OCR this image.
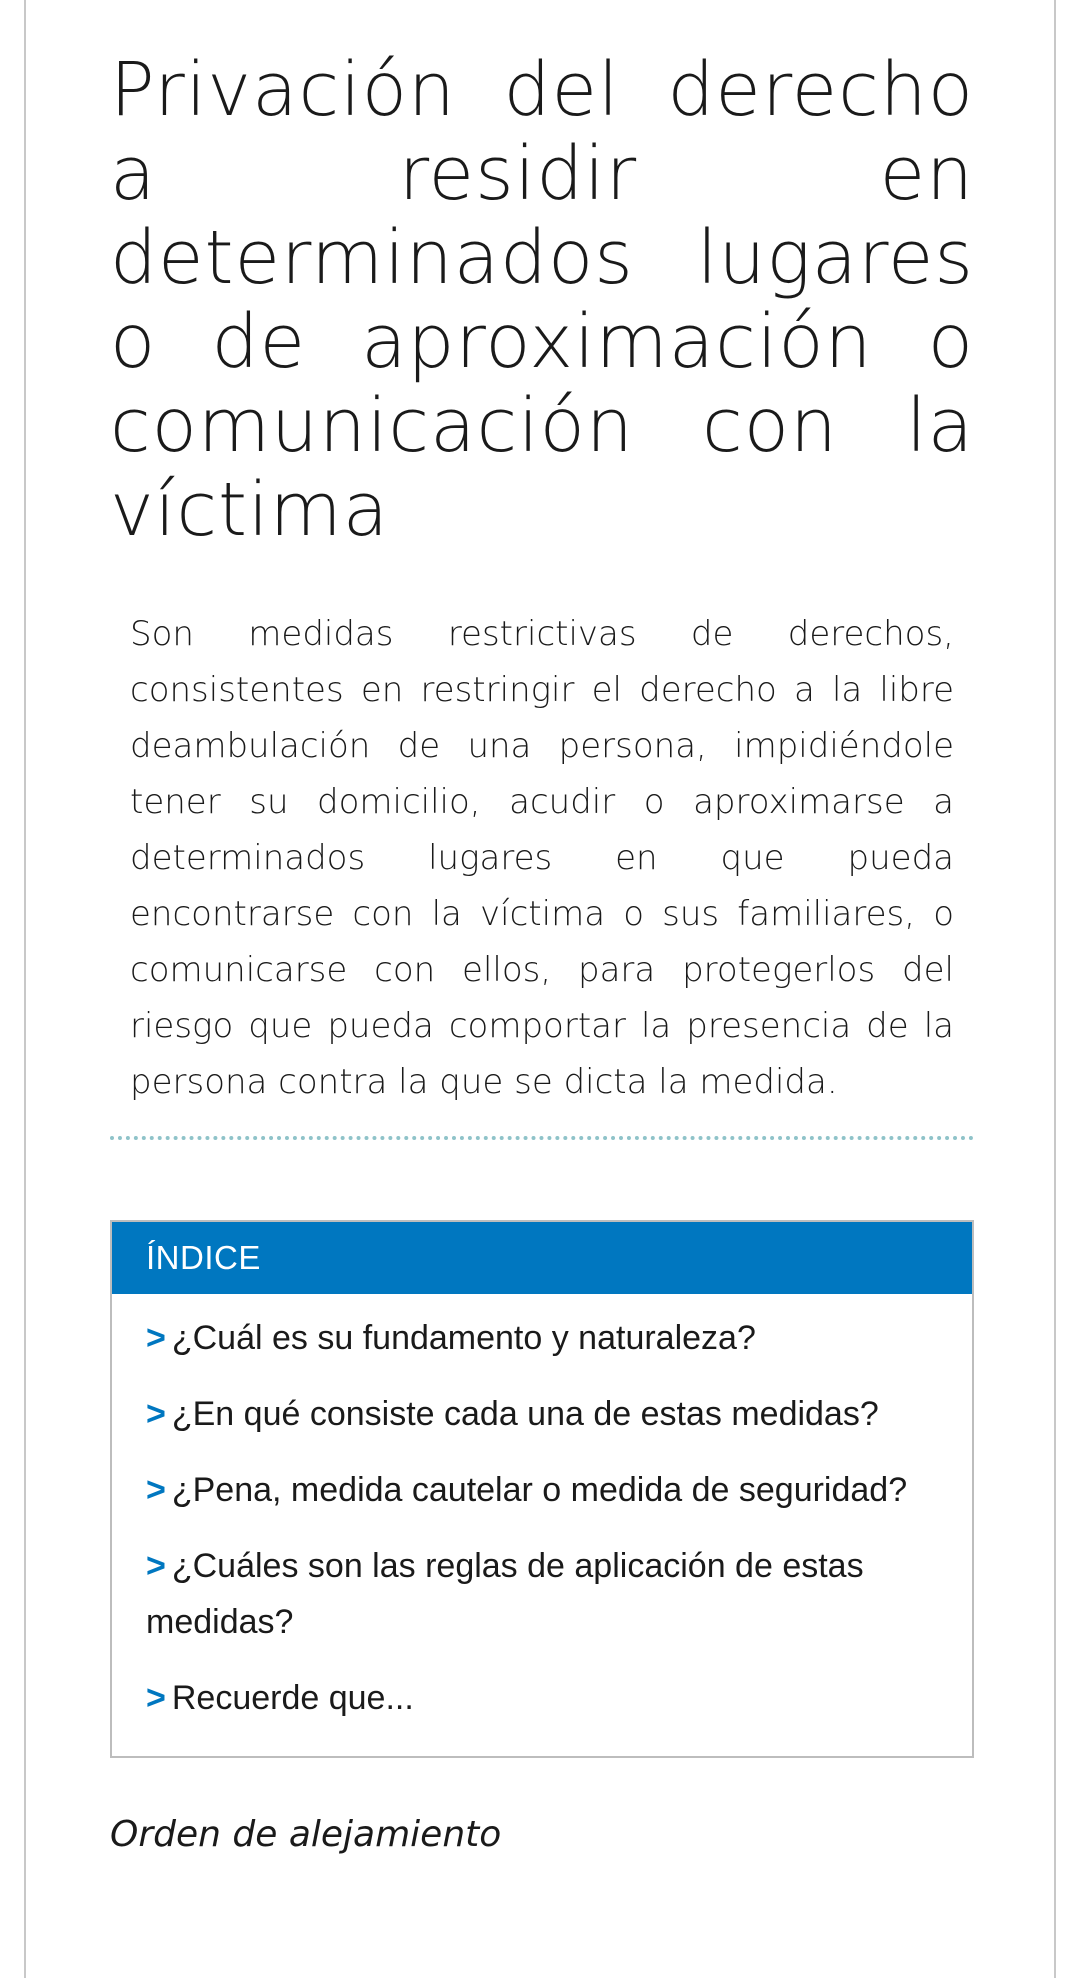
Privación del derecho a residir en determinados lugares o de aproximación o comunicación con la víctima

Son medidas restrictivas de derechos, consistentes en restringir el derecho a la libre deambulación de una persona, impidiéndole tener su domicilio, acudir o aproximarse a determinados lugares en que pueda encontrarse con la víctima o sus familiares, o comunicarse con ellos, para protegerlos del riesgo que pueda comportar la presencia de la persona contra la que se dicta la medida.

ÍNDICE
> ¿Cuál es su fundamento y naturaleza?
> ¿En qué consiste cada una de estas medidas?
> ¿Pena, medida cautelar o medida de seguridad?
> ¿Cuáles son las reglas de aplicación de estas medidas?
> Recuerde que...
Orden de alejamiento
